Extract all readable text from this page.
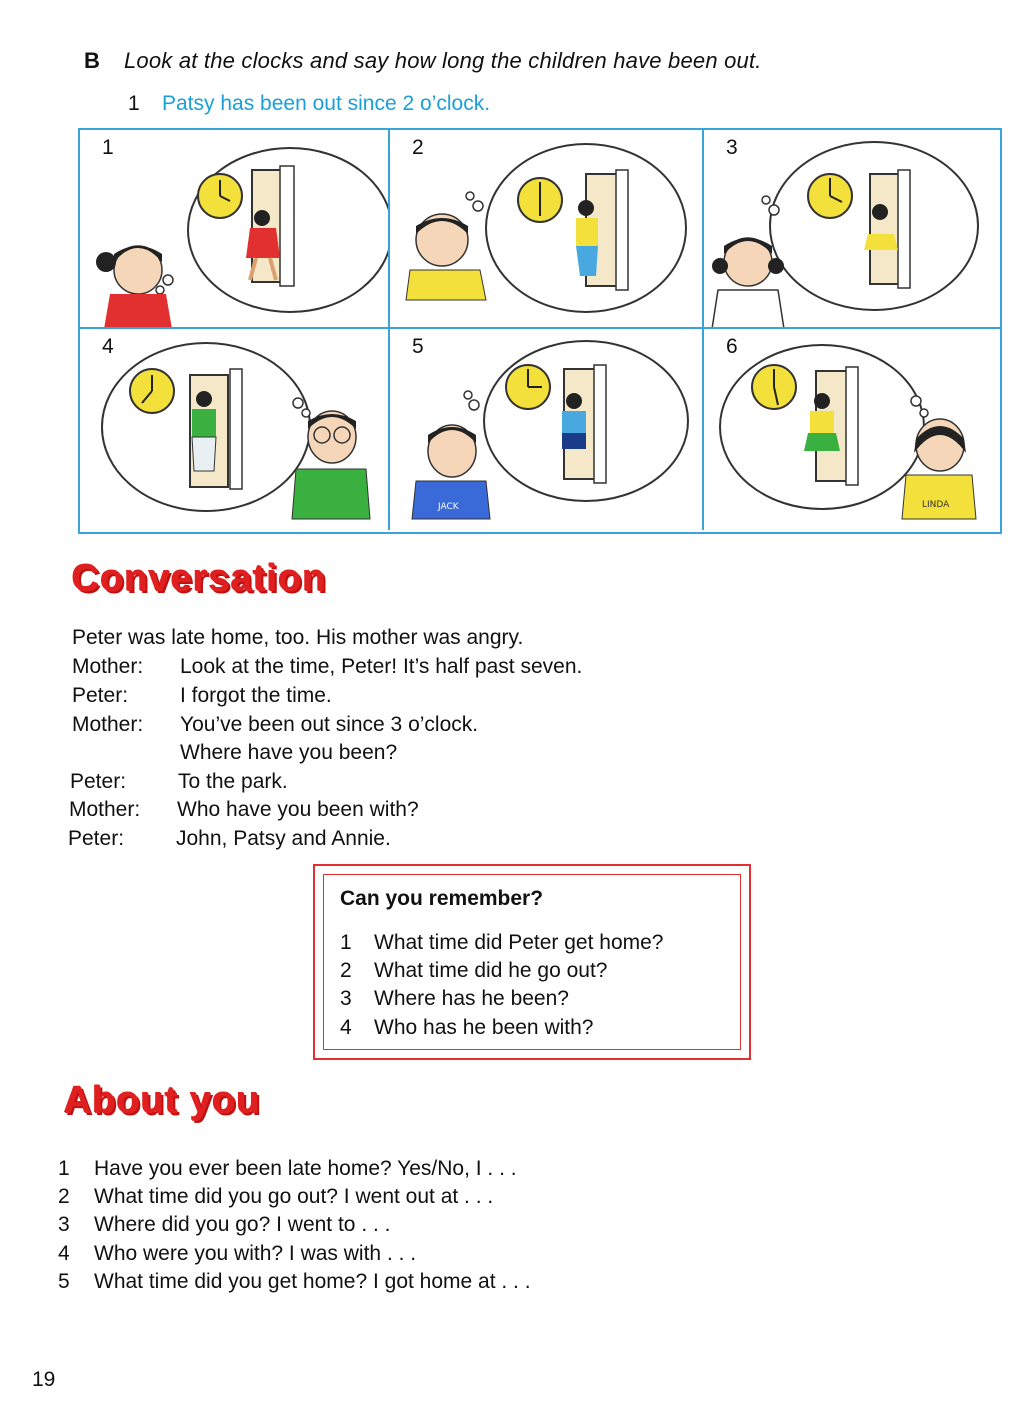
B Look at the clocks and say how long the children have been out.
1 Patsy has been out since 2 o’clock.
1	2	3
4
JACK
5
LINDA
6
Conversation
Peter was late home, too. His mother was angry.
Mother: Look at the time, Peter! It’s half past seven.
Peter: I forgot the time.
Mother: You’ve been out since 3 o’clock.
Where have you been?
Peter: To the park.
Mother: Who have you been with?
Peter: John, Patsy and Annie.
Can you remember?
1 What time did Peter get home?
2 What time did he go out?
3 Where has he been?
4 Who has he been with?
About you
1 Have you ever been late home? Yes/No, I . . .
2 What time did you go out? I went out at . . .
3 Where did you go? I went to . . .
4 Who were you with? I was with . . .
5 What time did you get home? I got home at . . .
19
